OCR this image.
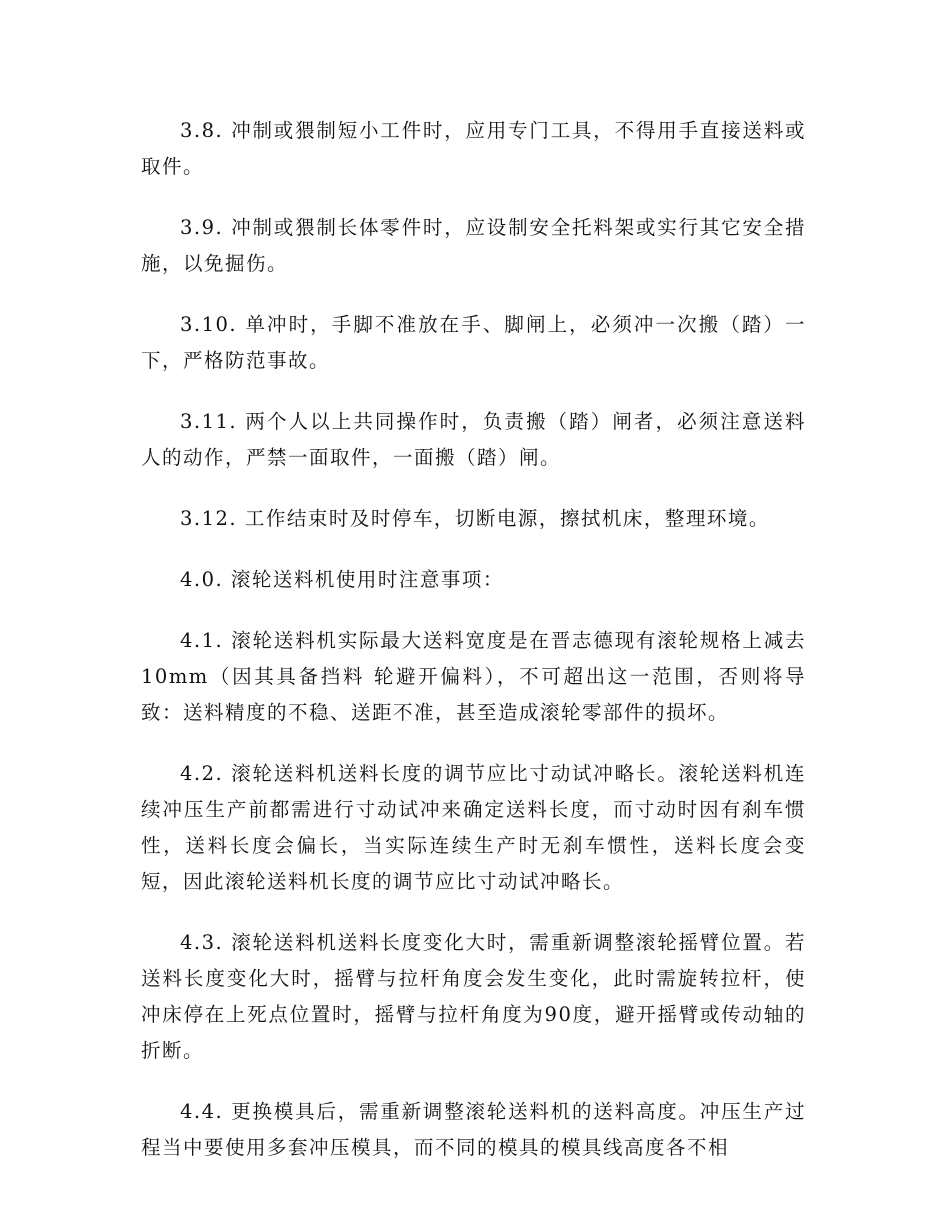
3.8. 冲制或猥制短小工件时，应用专门工具，不得用手直接送料或取件。

3.9. 冲制或猥制长体零件时，应设制安全托料架或实行其它安全措施，以免掘伤。

3.10. 单冲时，手脚不准放在手、脚闸上，必须冲一次搬（踏）一下，严格防范事故。

3.11. 两个人以上共同操作时，负责搬（踏）闸者，必须注意送料人的动作，严禁一面取件，一面搬（踏）闸。

3.12. 工作结束时及时停车，切断电源，擦拭机床，整理环境。

4.0. 滚轮送料机使用时注意事项：

4.1. 滚轮送料机实际最大送料宽度是在晋志德现有滚轮规格上减去10mm（因其具备挡料 轮避开偏料），不可超出这一范围，否则将导致：送料精度的不稳、送距不准，甚至造成滚轮零部件的损坏。

4.2. 滚轮送料机送料长度的调节应比寸动试冲略长。滚轮送料机连续冲压生产前都需进行寸动试冲来确定送料长度，而寸动时因有刹车惯性，送料长度会偏长，当实际连续生产时无刹车惯性，送料长度会变短，因此滚轮送料机长度的调节应比寸动试冲略长。

4.3. 滚轮送料机送料长度变化大时，需重新调整滚轮摇臂位置。若送料长度变化大时，摇臂与拉杆角度会发生变化，此时需旋转拉杆，使冲床停在上死点位置时，摇臂与拉杆角度为90度，避开摇臂或传动轴的折断。

4.4. 更换模具后，需重新调整滚轮送料机的送料高度。冲压生产过程当中要使用多套冲压模具，而不同的模具的模具线高度各不相
